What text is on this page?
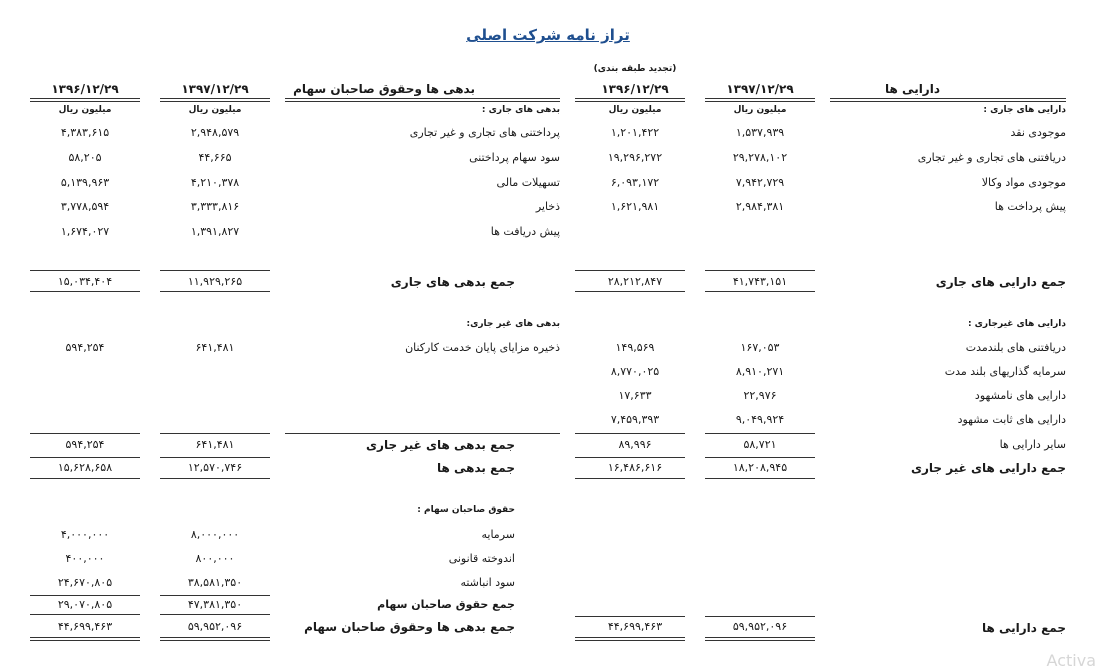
تراز نامه شرکت اصلی
(تجدید طبقه بندی)
دارایی ها
۱۳۹۷/۱۲/۲۹
۱۳۹۶/۱۲/۲۹
بدهی ها وحقوق صاحبان سهام
۱۳۹۷/۱۲/۲۹
۱۳۹۶/۱۲/۲۹
میلیون ریال
میلیون ریال
میلیون ریال
میلیون ریال	دارایی های جاری :
بدهی های جاری :
موجودی نقد
۱,۵۳۷,۹۳۹
۱,۲۰۱,۴۲۲
دریافتنی های تجاری و غیر تجاری
۲۹,۲۷۸,۱۰۲
۱۹,۲۹۶,۲۷۲
موجودی مواد وکالا
۷,۹۴۲,۷۲۹
۶,۰۹۳,۱۷۲
پیش پرداخت ها
۲,۹۸۴,۳۸۱
۱,۶۲۱,۹۸۱
پرداختنی های تجاری و غیر تجاری
۲,۹۴۸,۵۷۹
۴,۳۸۳,۶۱۵
سود سهام پرداختنی
۴۴,۶۶۵
۵۸,۲۰۵
تسهیلات مالی
۴,۲۱۰,۳۷۸
۵,۱۳۹,۹۶۳
ذخایر
۳,۳۳۳,۸۱۶
۳,۷۷۸,۵۹۴
پیش دریافت ها
۱,۳۹۱,۸۲۷
۱,۶۷۴,۰۲۷
جمع دارایی های جاری
۴۱,۷۴۳,۱۵۱
۲۸,۲۱۲,۸۴۷
جمع بدهی های جاری
۱۱,۹۲۹,۲۶۵
۱۵,۰۳۴,۴۰۴
دارایی های غیرجاری :
بدهی های غیر جاری:
دریافتنی های بلندمدت
۱۶۷,۰۵۳
۱۴۹,۵۶۹
سرمایه گذاریهای بلند مدت
۸,۹۱۰,۲۷۱
۸,۷۷۰,۰۲۵
دارایی های نامشهود
۲۲,۹۷۶
۱۷,۶۳۳
دارایی های ثابت مشهود
۹,۰۴۹,۹۲۴
۷,۴۵۹,۳۹۳
سایر دارایی ها
۵۸,۷۲۱
۸۹,۹۹۶
ذخیره مزایای پایان خدمت کارکنان
۶۴۱,۴۸۱
۵۹۴,۲۵۴
جمع بدهی های غیر جاری
۶۴۱,۴۸۱
۵۹۴,۲۵۴
جمع دارایی های غیر جاری
۱۸,۲۰۸,۹۴۵
۱۶,۴۸۶,۶۱۶
جمع بدهی ها
۱۲,۵۷۰,۷۴۶
۱۵,۶۲۸,۶۵۸
حقوق صاحبان سهام :
سرمایه
۸,۰۰۰,۰۰۰
۴,۰۰۰,۰۰۰
اندوخته قانونی
۸۰۰,۰۰۰
۴۰۰,۰۰۰
سود انباشته
۳۸,۵۸۱,۳۵۰
۲۴,۶۷۰,۸۰۵
جمع حقوق صاحبان سهام
۴۷,۳۸۱,۳۵۰
۲۹,۰۷۰,۸۰۵
جمع دارایی ها
۵۹,۹۵۲,۰۹۶
۴۴,۶۹۹,۴۶۳
جمع بدهی ها وحقوق صاحبان سهام
۵۹,۹۵۲,۰۹۶
۴۴,۶۹۹,۴۶۳
Activa
